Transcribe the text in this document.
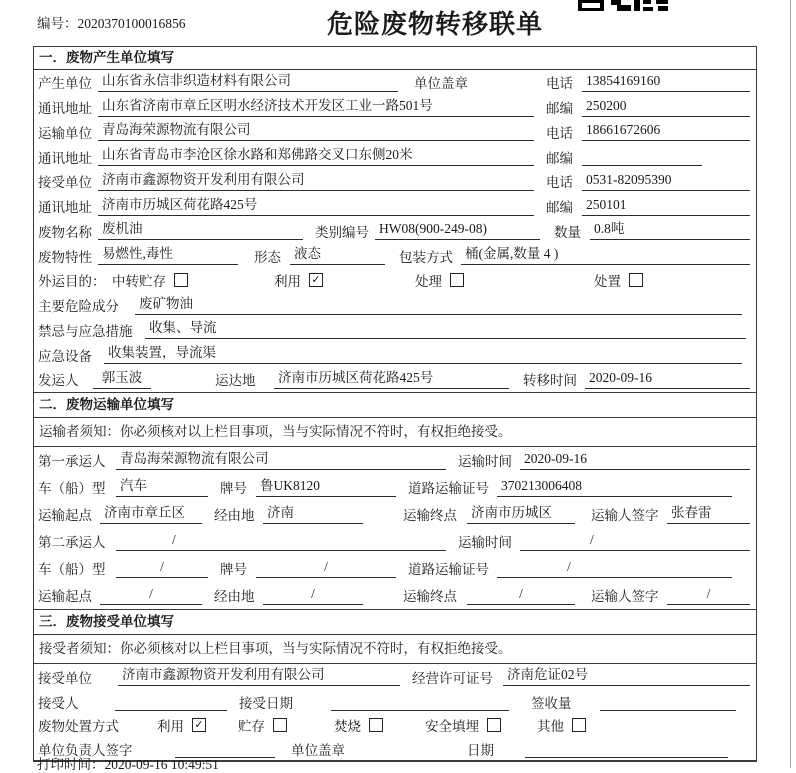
编号：2020370100016856	危险废物转移联单
一．废物产生单位填写
产生单位 山东省永信非织造材料有限公司	单位盖章	电话 13854169160
通讯地址 山东省济南市章丘区明水经济技术开发区工业一路501号	邮编 250200
运输单位 青岛海荣源物流有限公司	电话 18661672606
通讯地址 山东省青岛市李沧区徐水路和郑佛路交叉口东侧20米	邮编
接受单位 济南市鑫源物资开发利用有限公司	电话 0531-82095390
通讯地址 济南市历城区荷花路425号	邮编 250101
废物名称 废机油	类别编号 HW08(900-249-08)	数量 0.8吨
废物特性 易燃性,毒性	形态 液态	包装方式 桶(金属,数量 4 )
外运目的： 中转贮存	利用 ✓	处理	处置
主要危险成分 废矿物油
禁忌与应急措施 收集、导流
应急设备 收集装置，导流渠
发运人	郭玉波	运达地 济南市历城区荷花路425号	转移时间 2020-09-16
二．废物运输单位填写
运输者须知：你必须核对以上栏目事项，当与实际情况不符时，有权拒绝接受。
第一承运人 青岛海荣源物流有限公司	运输时间 2020-09-16
车（船）型 汽车	牌号 鲁UK8120	道路运输证号 370213006408
运输起点 济南市章丘区	经由地 济南	运输终点 济南市历城区	运输人签字 张春雷
第二承运人	/	运输时间	/
车（船）型	/	牌号	/	道路运输证号	/
运输起点	/	经由地	/	运输终点	/	运输人签字	/
三．废物接受单位填写
接受者须知：你必须核对以上栏目事项，当与实际情况不符时，有权拒绝接受。
接受单位 济南市鑫源物资开发利用有限公司	经营许可证号 济南危证02号
接受人	接受日期	签收量
废物处置方式	利用 ✓	贮存	焚烧	安全填埋	其他
单位负责人签字	单位盖章	日期
打印时间：2020-09-16 10:49:51
